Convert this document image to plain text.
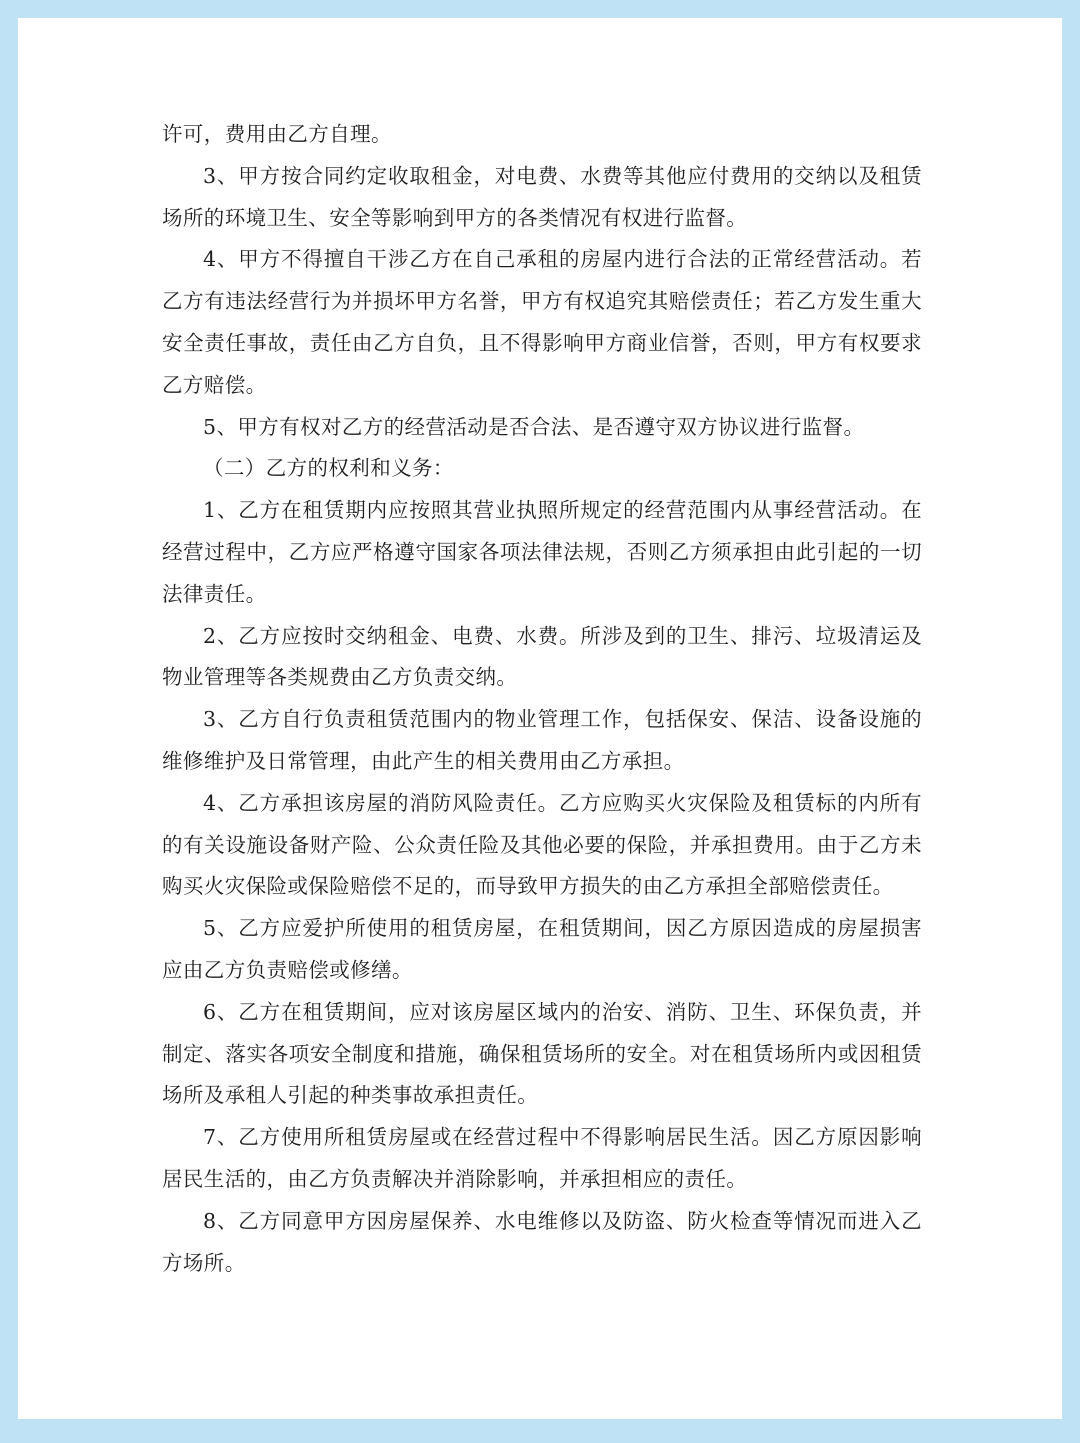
许可，费用由乙方自理。

3、甲方按合同约定收取租金，对电费、水费等其他应付费用的交纳以及租赁场所的环境卫生、安全等影响到甲方的各类情况有权进行监督。

4、甲方不得擅自干涉乙方在自己承租的房屋内进行合法的正常经营活动。若乙方有违法经营行为并损坏甲方名誉，甲方有权追究其赔偿责任；若乙方发生重大安全责任事故，责任由乙方自负，且不得影响甲方商业信誉，否则，甲方有权要求乙方赔偿。

5、甲方有权对乙方的经营活动是否合法、是否遵守双方协议进行监督。

（二）乙方的权利和义务：

1、乙方在租赁期内应按照其营业执照所规定的经营范围内从事经营活动。在经营过程中，乙方应严格遵守国家各项法律法规，否则乙方须承担由此引起的一切法律责任。

2、乙方应按时交纳租金、电费、水费。所涉及到的卫生、排污、垃圾清运及物业管理等各类规费由乙方负责交纳。

3、乙方自行负责租赁范围内的物业管理工作，包括保安、保洁、设备设施的维修维护及日常管理，由此产生的相关费用由乙方承担。

4、乙方承担该房屋的消防风险责任。乙方应购买火灾保险及租赁标的内所有的有关设施设备财产险、公众责任险及其他必要的保险，并承担费用。由于乙方未购买火灾保险或保险赔偿不足的，而导致甲方损失的由乙方承担全部赔偿责任。

5、乙方应爱护所使用的租赁房屋，在租赁期间，因乙方原因造成的房屋损害应由乙方负责赔偿或修缮。

6、乙方在租赁期间，应对该房屋区域内的治安、消防、卫生、环保负责，并制定、落实各项安全制度和措施，确保租赁场所的安全。对在租赁场所内或因租赁场所及承租人引起的种类事故承担责任。

7、乙方使用所租赁房屋或在经营过程中不得影响居民生活。因乙方原因影响居民生活的，由乙方负责解决并消除影响，并承担相应的责任。

8、乙方同意甲方因房屋保养、水电维修以及防盗、防火检查等情况而进入乙方场所。
